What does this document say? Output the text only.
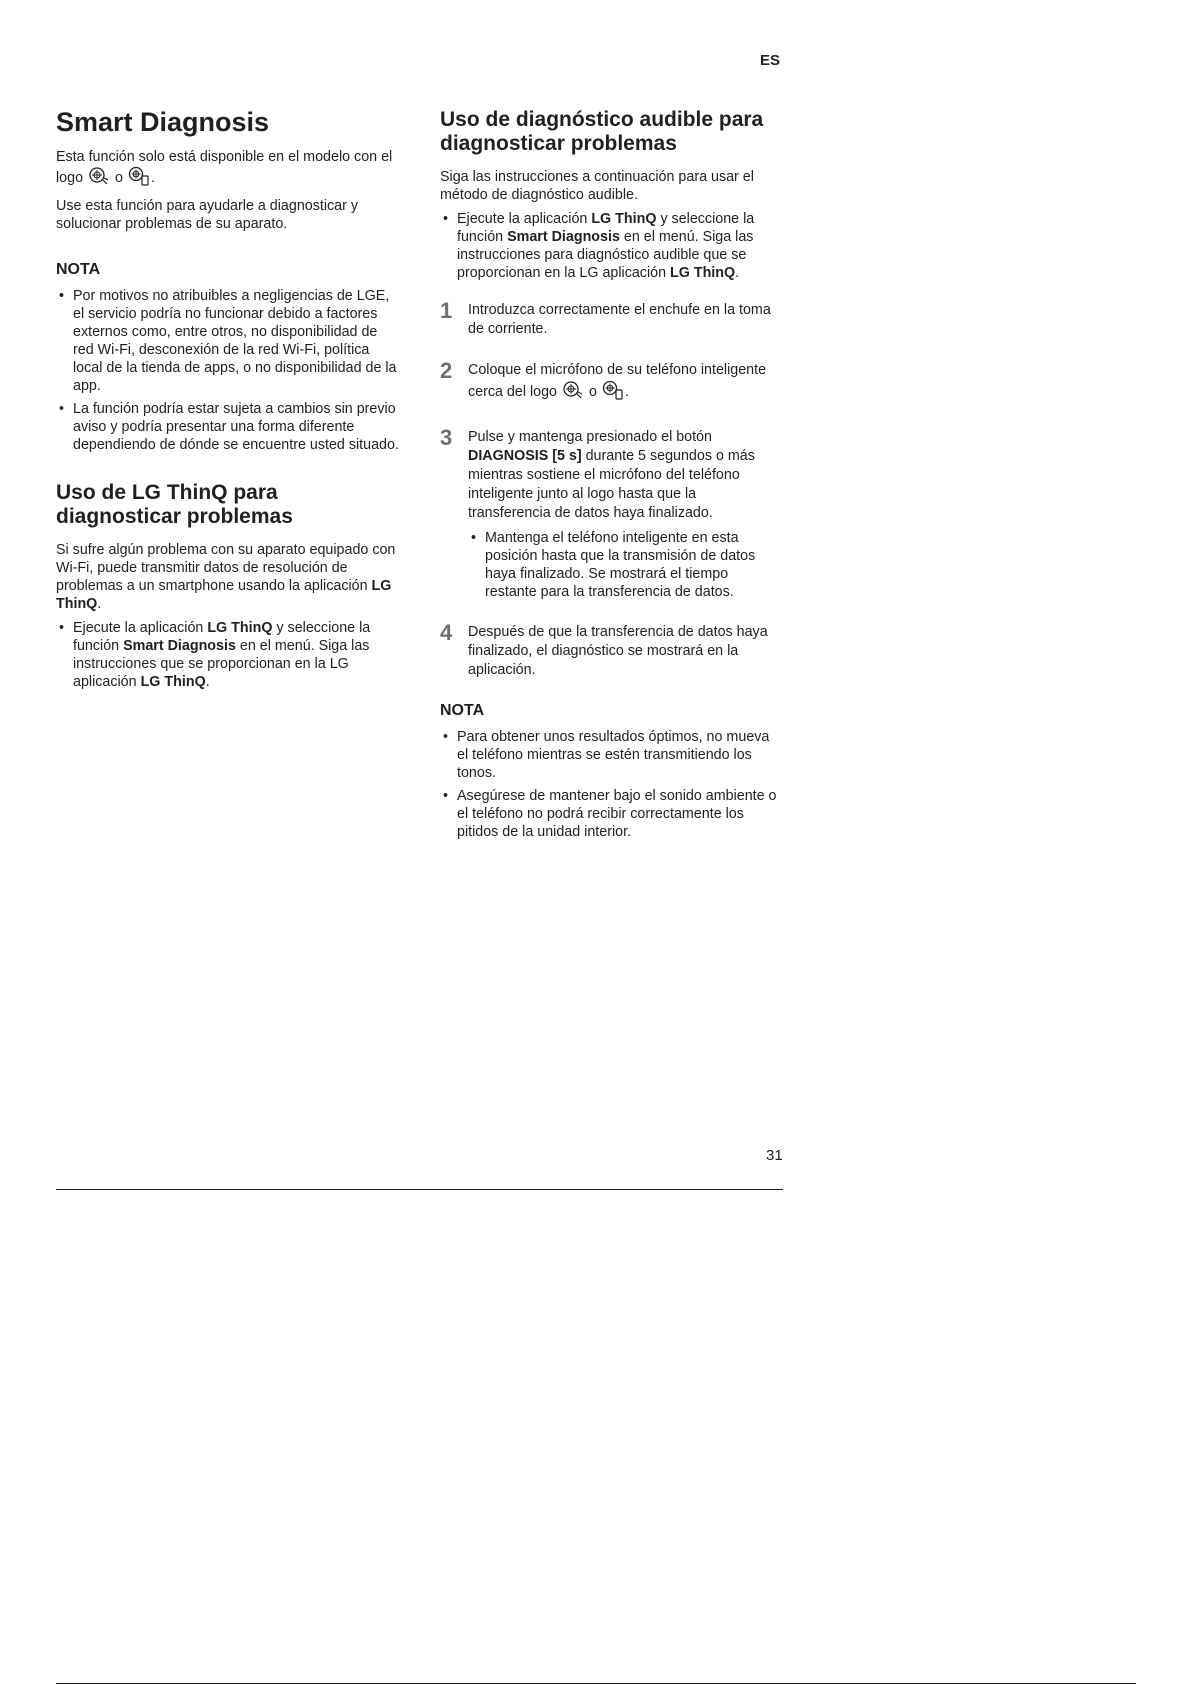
ES
Smart Diagnosis

Esta función solo está disponible en el modelo con el logo o .

Use esta función para ayudarle a diagnosticar y solucionar problemas de su aparato.

NOTA
• Por motivos no atribuibles a negligencias de LGE, el servicio podría no funcionar debido a factores externos como, entre otros, no disponibilidad de red Wi-Fi, desconexión de la red Wi-Fi, política local de la tienda de apps, o no disponibilidad de la app.
• La función podría estar sujeta a cambios sin previo aviso y podría presentar una forma diferente dependiendo de dónde se encuentre usted situado.
Uso de LG ThinQ para diagnosticar problemas

Si sufre algún problema con su aparato equipado con Wi-Fi, puede transmitir datos de resolución de problemas a un smartphone usando la aplicación LG ThinQ.

• Ejecute la aplicación LG ThinQ y seleccione la función Smart Diagnosis en el menú. Siga las instrucciones que se proporcionan en la LG aplicación LG ThinQ.
Uso de diagnóstico audible para diagnosticar problemas

Siga las instrucciones a continuación para usar el método de diagnóstico audible.

• Ejecute la aplicación LG ThinQ y seleccione la función Smart Diagnosis en el menú. Siga las instrucciones para diagnóstico audible que se proporcionan en la LG aplicación LG ThinQ.
1 Introduzca correctamente el enchufe en la toma de corriente.

2 Coloque el micrófono de su teléfono inteligente cerca del logo o .

3 Pulse y mantenga presionado el botón DIAGNOSIS [5 s] durante 5 segundos o más mientras sostiene el micrófono del teléfono inteligente junto al logo hasta que la transferencia de datos haya finalizado.

• Mantenga el teléfono inteligente en esta posición hasta que la transmisión de datos haya finalizado. Se mostrará el tiempo restante para la transferencia de datos.
4 Después de que la transferencia de datos haya finalizado, el diagnóstico se mostrará en la aplicación.

NOTA
• Para obtener unos resultados óptimos, no mueva el teléfono mientras se estén transmitiendo los tonos.
• Asegúrese de mantener bajo el sonido ambiente o el teléfono no podrá recibir correctamente los pitidos de la unidad interior.
31
